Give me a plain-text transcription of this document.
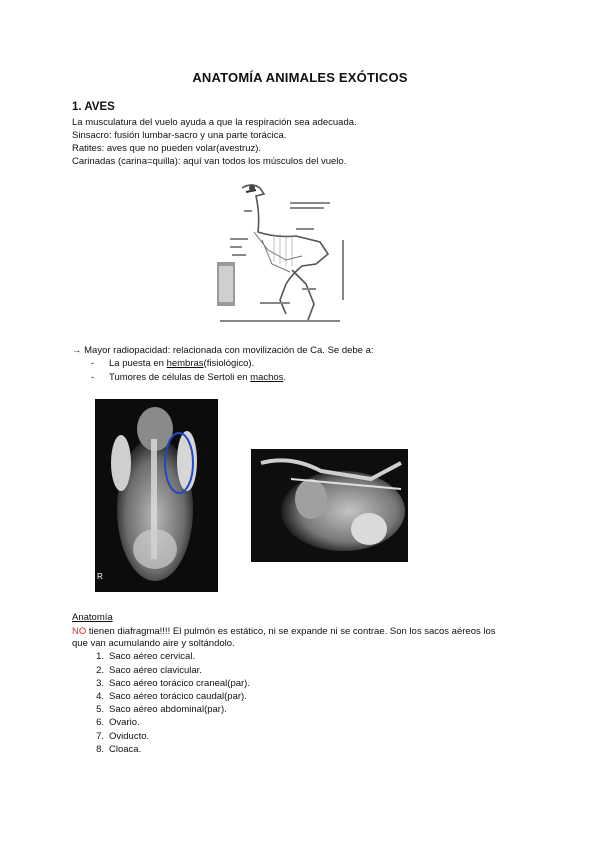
ANATOMÍA ANIMALES EXÓTICOS
1. AVES
La musculatura del vuelo ayuda a que la respiración sea adecuada.
Sinsacro: fusión lumbar-sacro y una parte torácica.
Ratites: aves que no pueden volar(avestruz).
Carinadas (carina=quilla): aquí van todos los músculos del vuelo.
→ Mayor radiopacidad: relacionada con movilización de Ca. Se debe a:
- La puesta en hembras(fisiológico).
- Tumores de células de Sertoli en machos.
R
Anatomía
NO tienen diafragma!!!! El pulmón es estático, ni se expande ni se contrae. Son los sacos aéreos los
que van acumulando aire y soltándolo.
1. Saco aéreo cervical.
2. Saco aéreo clavicular.
3. Saco aéreo torácico craneal(par).
4. Saco aéreo torácico caudal(par).
5. Saco aéreo abdominal(par).
6. Ovario.
7. Oviducto.
8. Cloaca.
